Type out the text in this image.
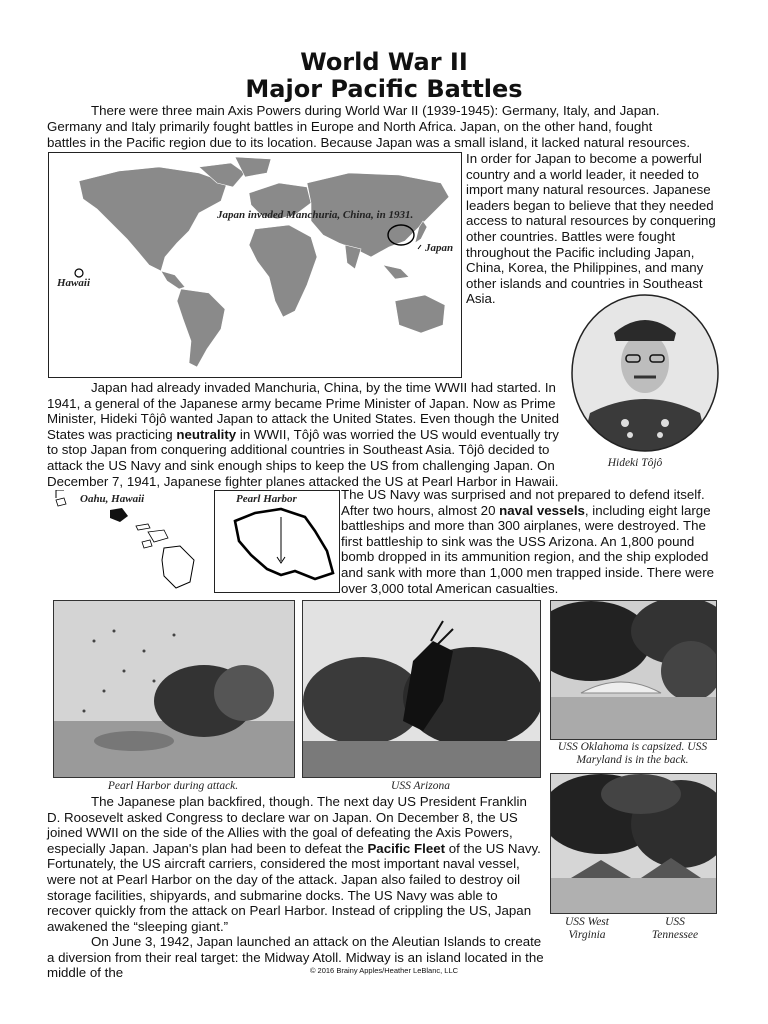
World War II
Major Pacific Battles

There were three main Axis Powers during World War II (1939-1945): Germany, Italy, and Japan.

Germany and Italy primarily fought battles in Europe and North Africa. Japan, on the other hand, fought

battles in the Pacific region due to its location. Because Japan was a small island, it lacked natural resources.

In order for Japan to become a powerful country and a world leader, it needed to import many natural resources. Japanese leaders began to believe that they needed access to natural resources by conquering other countries. Battles were fought throughout the Pacific including Japan, China, Korea, the Philippines, and many other islands and countries in Southeast Asia.

Japan invaded Manchuria, China, in 1931.
Japan
Hawaii
Hideki Tôjô

Japan had already invaded Manchuria, China, by the time WWII had started. In 1941, a general of the Japanese army became Prime Minister of Japan. Now as Prime Minister, Hideki Tôjô wanted Japan to attack the United States. Even though the United States was practicing neutrality in WWII, Tôjô was worried the US would eventually try to stop Japan from conquering additional countries in Southeast Asia. Tôjô decided to attack the US Navy and sink enough ships to keep the US from challenging Japan. On December 7, 1941, Japanese fighter planes attacked the US at Pearl Harbor in Hawaii.

Oahu, Hawaii	Pearl Harbor	The US Navy was surprised and not prepared to defend itself. After two hours, almost 20 naval vessels, including eight large battleships and more than 300 airplanes, were destroyed. The first battleship to sink was the USS Arizona. An 1,800 pound bomb dropped in its ammunition region, and the ship exploded and sank with more than 1,000 men trapped inside. There were over 3,000 total American casualties.

Pearl Harbor during attack.	USS Arizona
USS Oklahoma is capsized. USS Maryland is in the back.
USS West Virginia
USS Tennessee

The Japanese plan backfired, though. The next day US President Franklin D. Roosevelt asked Congress to declare war on Japan. On December 8, the US joined WWII on the side of the Allies with the goal of defeating the Axis Powers, especially Japan. Japan's plan had been to defeat the Pacific Fleet of the US Navy. Fortunately, the US aircraft carriers, considered the most important naval vessel, were not at Pearl Harbor on the day of the attack. Japan also failed to destroy oil storage facilities, shipyards, and submarine docks. The US Navy was able to recover quickly from the attack on Pearl Harbor. Instead of crippling the US, Japan awakened the “sleeping giant.”

On June 3, 1942, Japan launched an attack on the Aleutian Islands to create a diversion from their real target: the Midway Atoll. Midway is an island located in the middle of the	© 2016 Brainy Apples/Heather LeBlanc, LLC
